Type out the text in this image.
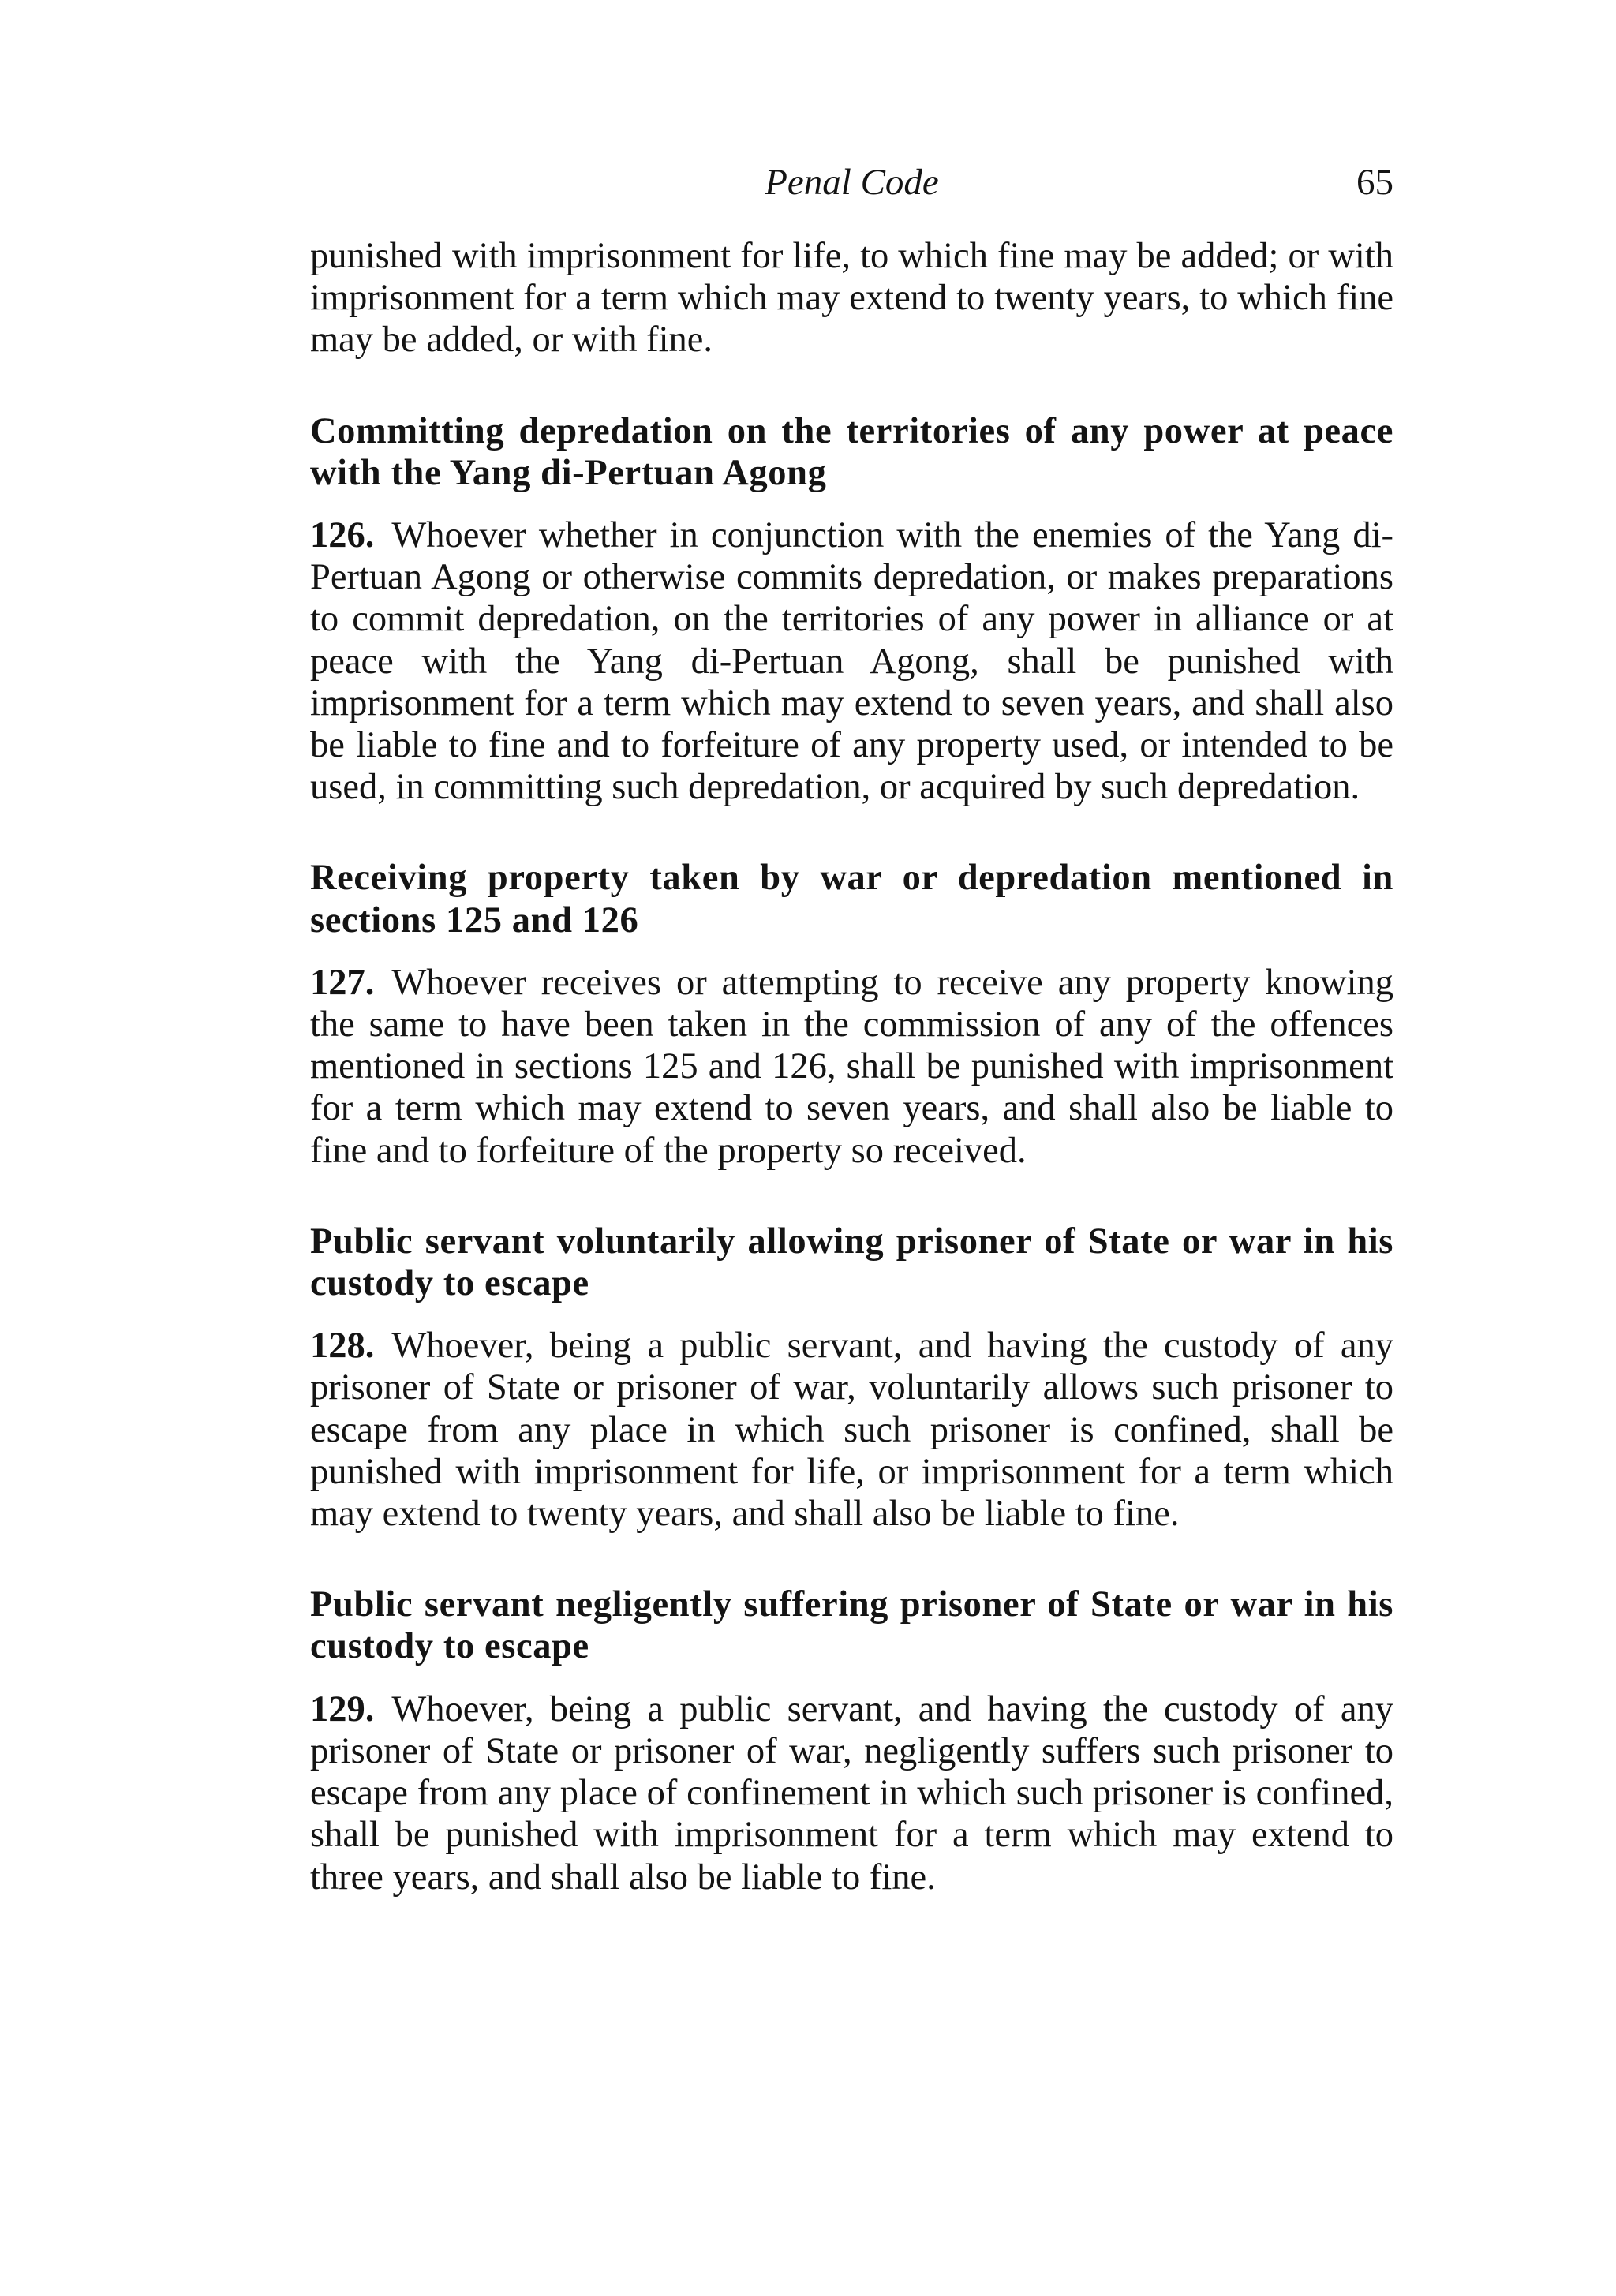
Penal Code	65

punished with imprisonment for life, to which fine may be added; or with imprisonment for a term which may extend to twenty years, to which fine may be added, or with fine.

Committing depredation on the territories of any power at peace with the Yang di-Pertuan Agong

126. Whoever whether in conjunction with the enemies of the Yang di-Pertuan Agong or otherwise commits depredation, or makes preparations to commit depredation, on the territories of any power in alliance or at peace with the Yang di-Pertuan Agong, shall be punished with imprisonment for a term which may extend to seven years, and shall also be liable to fine and to forfeiture of any property used, or intended to be used, in committing such depredation, or acquired by such depredation.

Receiving property taken by war or depredation mentioned in sections 125 and 126

127. Whoever receives or attempting to receive any property knowing the same to have been taken in the commission of any of the offences mentioned in sections 125 and 126, shall be punished with imprisonment for a term which may extend to seven years, and shall also be liable to fine and to forfeiture of the property so received.

Public servant voluntarily allowing prisoner of State or war in his custody to escape

128. Whoever, being a public servant, and having the custody of any prisoner of State or prisoner of war, voluntarily allows such prisoner to escape from any place in which such prisoner is confined, shall be punished with imprisonment for life, or imprisonment for a term which may extend to twenty years, and shall also be liable to fine.

Public servant negligently suffering prisoner of State or war in his custody to escape

129. Whoever, being a public servant, and having the custody of any prisoner of State or prisoner of war, negligently suffers such prisoner to escape from any place of confinement in which such prisoner is confined, shall be punished with imprisonment for a term which may extend to three years, and shall also be liable to fine.
